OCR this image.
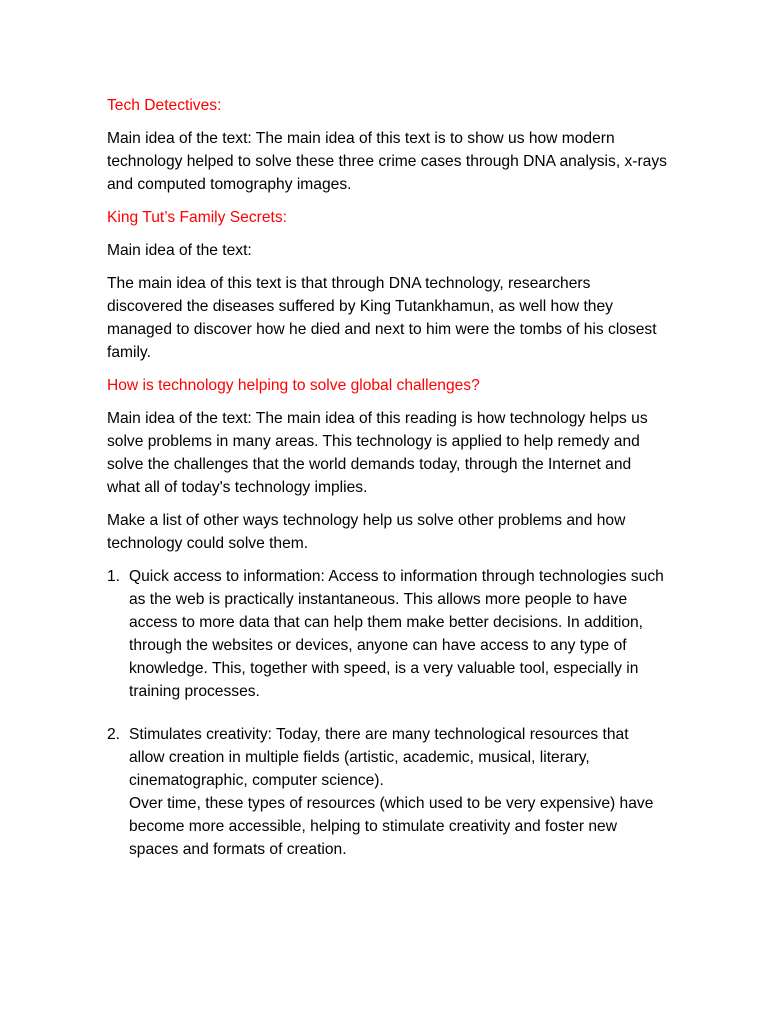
Tech Detectives:
Main idea of the text: The main idea of this text is to show us how modern technology helped to solve these three crime cases through DNA analysis, x-rays and computed tomography images.
King Tut’s Family Secrets:
Main idea of the text:
The main idea of this text is that through DNA technology, researchers discovered the diseases suffered by King Tutankhamun, as well how they managed to discover how he died and next to him were the tombs of his closest family.
How is technology helping to solve global challenges?
Main idea of the text: The main idea of this reading is how technology helps us solve problems in many areas. This technology is applied to help remedy and solve the challenges that the world demands today, through the Internet and what all of today's technology implies.
Make a list of other ways technology help us solve other problems and how technology could solve them.
1. Quick access to information: Access to information through technologies such as the web is practically instantaneous. This allows more people to have access to more data that can help them make better decisions. In addition, through the websites or devices, anyone can have access to any type of knowledge. This, together with speed, is a very valuable tool, especially in training processes.
2. Stimulates creativity: Today, there are many technological resources that allow creation in multiple fields (artistic, academic, musical, literary, cinematographic, computer science).
Over time, these types of resources (which used to be very expensive) have become more accessible, helping to stimulate creativity and foster new spaces and formats of creation.
